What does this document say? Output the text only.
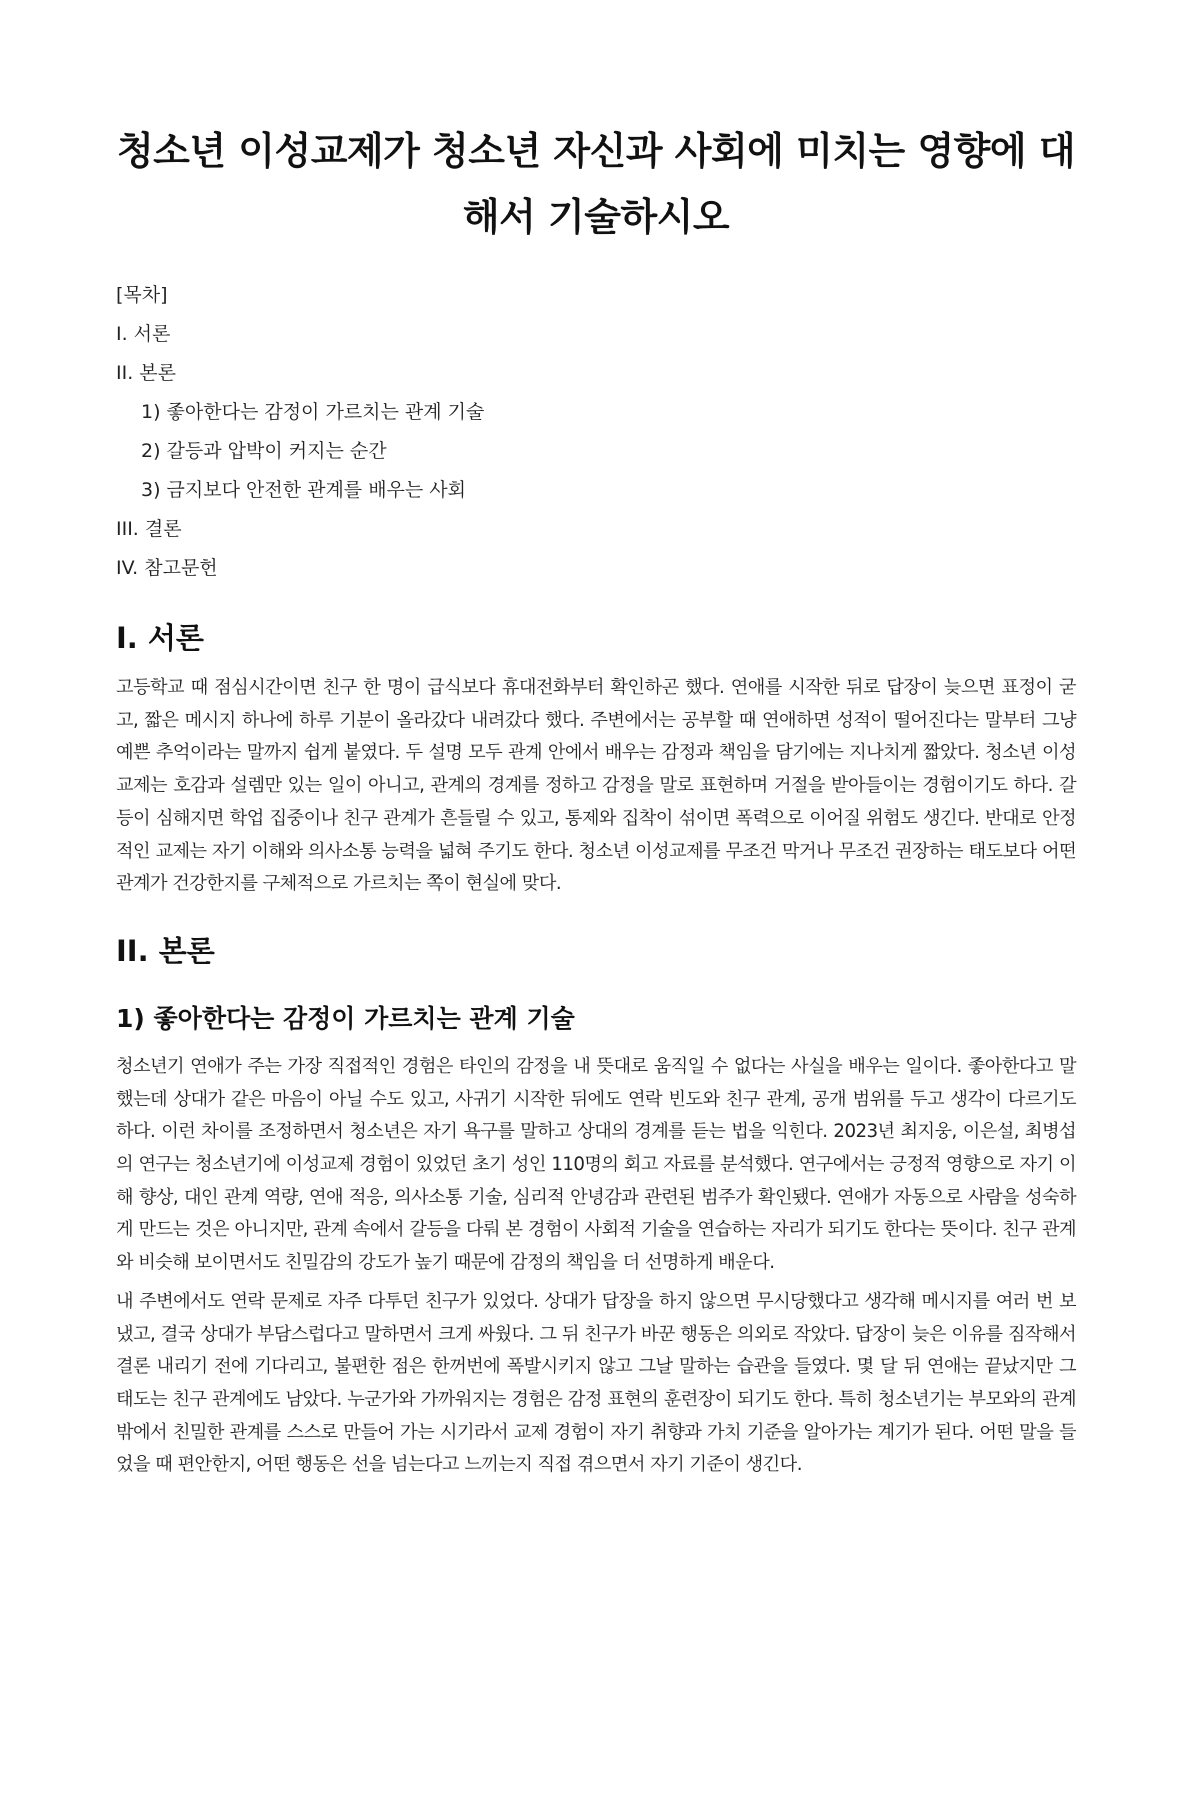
청소년 이성교제가 청소년 자신과 사회에 미치는 영향에 대해서 기술하시오
[목차]
I. 서론
II. 본론
1) 좋아한다는 감정이 가르치는 관계 기술
2) 갈등과 압박이 커지는 순간
3) 금지보다 안전한 관계를 배우는 사회
III. 결론
IV. 참고문헌
I. 서론

고등학교 때 점심시간이면 친구 한 명이 급식보다 휴대전화부터 확인하곤 했다. 연애를 시작한 뒤로 답장이 늦으면 표정이 굳고, 짧은 메시지 하나에 하루 기분이 올라갔다 내려갔다 했다. 주변에서는 공부할 때 연애하면 성적이 떨어진다는 말부터 그냥 예쁜 추억이라는 말까지 쉽게 붙였다. 두 설명 모두 관계 안에서 배우는 감정과 책임을 담기에는 지나치게 짧았다. 청소년 이성교제는 호감과 설렘만 있는 일이 아니고, 관계의 경계를 정하고 감정을 말로 표현하며 거절을 받아들이는 경험이기도 하다. 갈등이 심해지면 학업 집중이나 친구 관계가 흔들릴 수 있고, 통제와 집착이 섞이면 폭력으로 이어질 위험도 생긴다. 반대로 안정적인 교제는 자기 이해와 의사소통 능력을 넓혀 주기도 한다. 청소년 이성교제를 무조건 막거나 무조건 권장하는 태도보다 어떤 관계가 건강한지를 구체적으로 가르치는 쪽이 현실에 맞다.

II. 본론
1) 좋아한다는 감정이 가르치는 관계 기술

청소년기 연애가 주는 가장 직접적인 경험은 타인의 감정을 내 뜻대로 움직일 수 없다는 사실을 배우는 일이다. 좋아한다고 말했는데 상대가 같은 마음이 아닐 수도 있고, 사귀기 시작한 뒤에도 연락 빈도와 친구 관계, 공개 범위를 두고 생각이 다르기도 하다. 이런 차이를 조정하면서 청소년은 자기 욕구를 말하고 상대의 경계를 듣는 법을 익힌다. 2023년 최지웅, 이은설, 최병섭의 연구는 청소년기에 이성교제 경험이 있었던 초기 성인 110명의 회고 자료를 분석했다. 연구에서는 긍정적 영향으로 자기 이해 향상, 대인 관계 역량, 연애 적응, 의사소통 기술, 심리적 안녕감과 관련된 범주가 확인됐다. 연애가 자동으로 사람을 성숙하게 만드는 것은 아니지만, 관계 속에서 갈등을 다뤄 본 경험이 사회적 기술을 연습하는 자리가 되기도 한다는 뜻이다. 친구 관계와 비슷해 보이면서도 친밀감의 강도가 높기 때문에 감정의 책임을 더 선명하게 배운다.

내 주변에서도 연락 문제로 자주 다투던 친구가 있었다. 상대가 답장을 하지 않으면 무시당했다고 생각해 메시지를 여러 번 보냈고, 결국 상대가 부담스럽다고 말하면서 크게 싸웠다. 그 뒤 친구가 바꾼 행동은 의외로 작았다. 답장이 늦은 이유를 짐작해서 결론 내리기 전에 기다리고, 불편한 점은 한꺼번에 폭발시키지 않고 그날 말하는 습관을 들였다. 몇 달 뒤 연애는 끝났지만 그 태도는 친구 관계에도 남았다. 누군가와 가까워지는 경험은 감정 표현의 훈련장이 되기도 한다. 특히 청소년기는 부모와의 관계 밖에서 친밀한 관계를 스스로 만들어 가는 시기라서 교제 경험이 자기 취향과 가치 기준을 알아가는 계기가 된다. 어떤 말을 들었을 때 편안한지, 어떤 행동은 선을 넘는다고 느끼는지 직접 겪으면서 자기 기준이 생긴다.
